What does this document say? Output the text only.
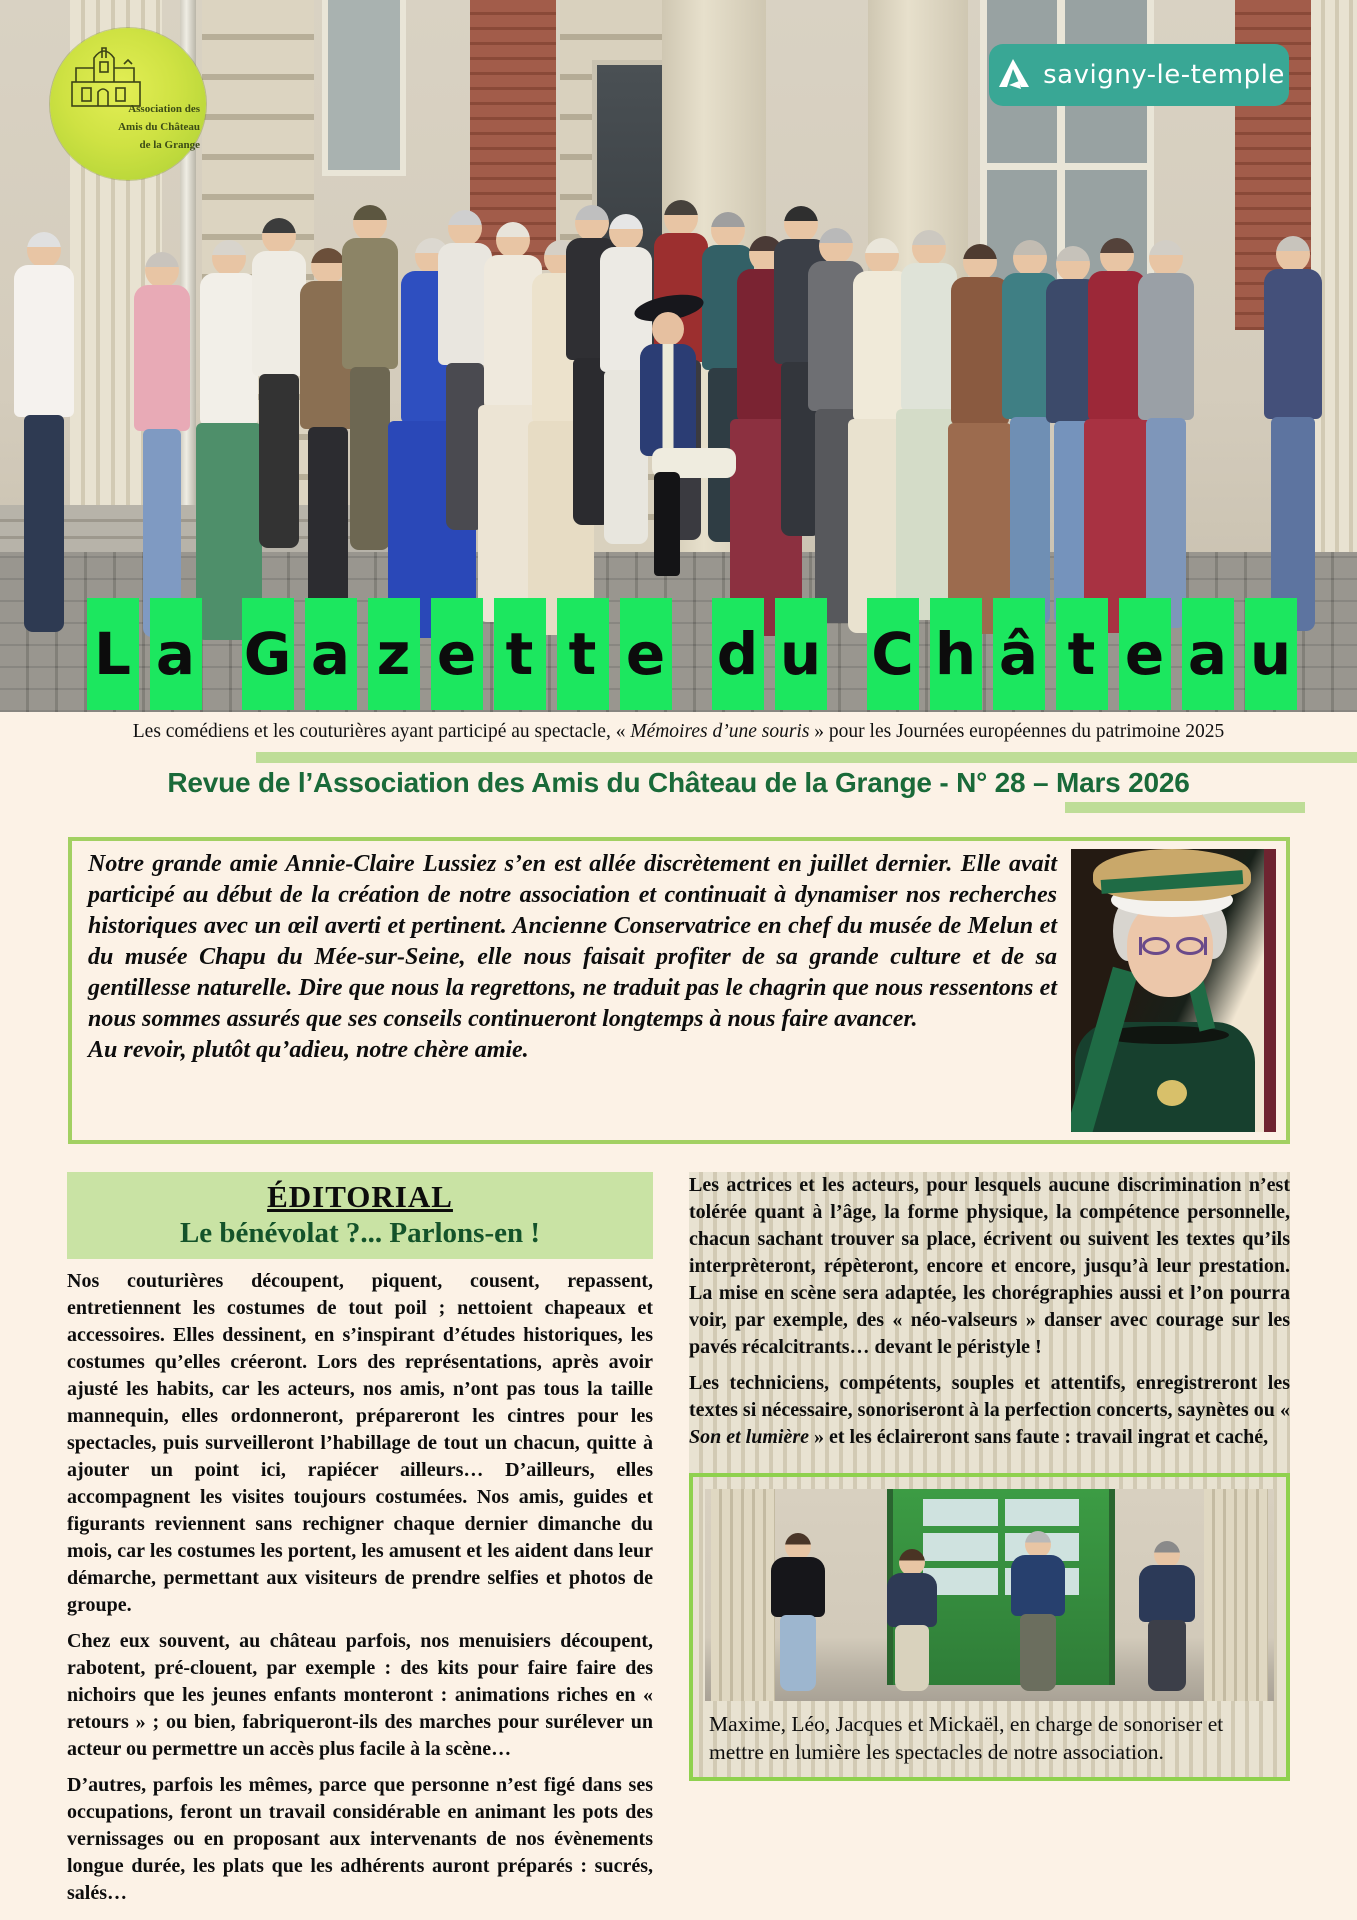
Association des
Amis du Château
de la Grange
savigny-le-temple
L a G a z e t t e d u C h â t e a u
Les comédiens et les couturières ayant participé au spectacle, « Mémoires d’une souris » pour les Journées européennes du patrimoine 2025
Revue de l’Association des Amis du Château de la Grange - N° 28 – Mars 2026

Notre grande amie Annie-Claire Lussiez s’en est allée discrètement en juillet dernier. Elle avait participé au début de la création de notre association et continuait à dynamiser nos recherches historiques avec un œil averti et pertinent. Ancienne Conservatrice en chef du musée de Melun et du musée Chapu du Mée-sur-Seine, elle nous faisait profiter de sa grande culture et de sa gentillesse naturelle. Dire que nous la regrettons, ne traduit pas le chagrin que nous ressentons et nous sommes assurés que ses conseils continueront longtemps à nous faire avancer.

Au revoir, plutôt qu’adieu, notre chère amie.

ÉDITORIAL

Le bénévolat ?... Parlons-en !

Nos couturières découpent, piquent, cousent, repassent, entretiennent les costumes de tout poil ; nettoient chapeaux et accessoires. Elles dessinent, en s’inspirant d’études historiques, les costumes qu’elles créeront. Lors des représentations, après avoir ajusté les habits, car les acteurs, nos amis, n’ont pas tous la taille mannequin, elles ordonneront, prépareront les cintres pour les spectacles, puis surveilleront l’habillage de tout un chacun, quitte à ajouter un point ici, rapiécer ailleurs… D’ailleurs, elles accompagnent les visites toujours costumées. Nos amis, guides et figurants reviennent sans rechigner chaque dernier dimanche du mois, car les costumes les portent, les amusent et les aident dans leur démarche, permettant aux visiteurs de prendre selfies et photos de groupe.

Chez eux souvent, au château parfois, nos menuisiers découpent, rabotent, pré-clouent, par exemple : des kits pour faire faire des nichoirs que les jeunes enfants monteront : animations riches en « retours » ; ou bien, fabriqueront-ils des marches pour surélever un acteur ou permettre un accès plus facile à la scène…

D’autres, parfois les mêmes, parce que personne n’est figé dans ses occupations, feront un travail considérable en animant les pots des vernissages ou en proposant aux intervenants de nos évènements longue durée, les plats que les adhérents auront préparés : sucrés, salés…

Les actrices et les acteurs, pour lesquels aucune discrimination n’est tolérée quant à l’âge, la forme physique, la compétence personnelle, chacun sachant trouver sa place, écrivent ou suivent les textes qu’ils interprèteront, répèteront, encore et encore, jusqu’à leur prestation. La mise en scène sera adaptée, les chorégraphies aussi et l’on pourra voir, par exemple, des « néo-valseurs » danser avec courage sur les pavés récalcitrants… devant le péristyle !

Les techniciens, compétents, souples et attentifs, enregistreront les textes si nécessaire, sonoriseront à la perfection concerts, saynètes ou « Son et lumière » et les éclaireront sans faute : travail ingrat et caché,

Maxime, Léo, Jacques et Mickaël, en charge de sonoriser et mettre en lumière les spectacles de notre association.
